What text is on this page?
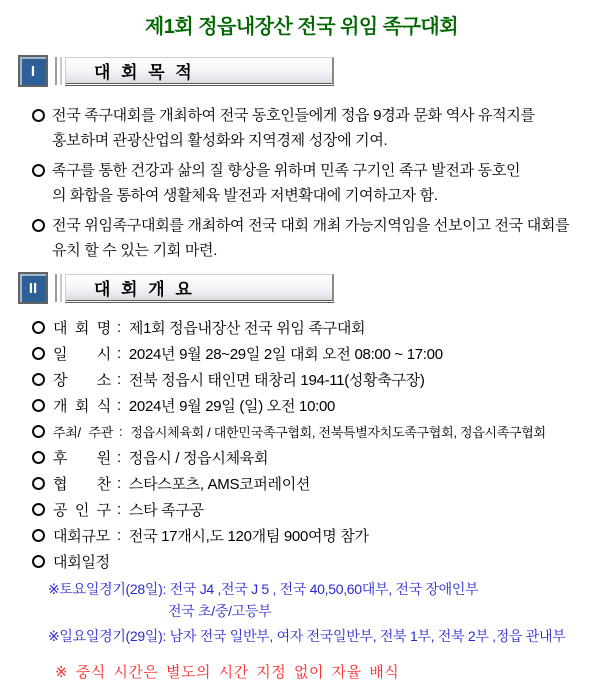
제1회 정읍내장산 전국 위임 족구대회
I	대 회 목 적
전국 족구대회를 개최하여 전국 동호인들에게 정읍 9경과 문화 역사 유적지를
홍보하며 관광산업의 활성화와 지역경제 성장에 기여.
족구를 통한 건강과 삶의 질 향상을 위하며 민족 구기인 족구 발전과 동호인
의 화합을 통하여 생활체육 발전과 저변확대에 기여하고자 함.
전국 위임족구대회를 개최하여 전국 대회 개최 가능지역임을 선보이고 전국 대회를
유치 할 수 있는 기회 마련.
II	대 회 개 요
대 회 명 : 제1회 정읍내장산 전국 위임 족구대회
일 시 : 2024년 9월 28~29일 2일 대회 오전 08:00 ~ 17:00
장 소 : 전북 정읍시 태인면 태창리 194-11(성황축구장)
개 회 식 : 2024년 9월 29일 (일) 오전 10:00
주최/ 주관 : 정읍시체육회 / 대한민국족구협회, 전북특별자치도족구협회, 정읍시족구협회
후 원 : 정읍시 / 정읍시체육회
협 찬 : 스타스포츠, AMS코퍼레이션
공 인 구 : 스타 족구공
대회규모 : 전국 17개시,도 120개팀 900여명 참가
대회일정
※토요일경기(28일): 전국 J4 ,전국 J 5 , 전국 40,50,60대부, 전국 장애인부
전국 초/중/고등부
※일요일경기(29일): 남자 전국 일반부, 여자 전국일반부, 전북 1부, 전북 2부 ,정읍 관내부
※ 중식 시간은 별도의 시간 지정 없이 자율 배식
